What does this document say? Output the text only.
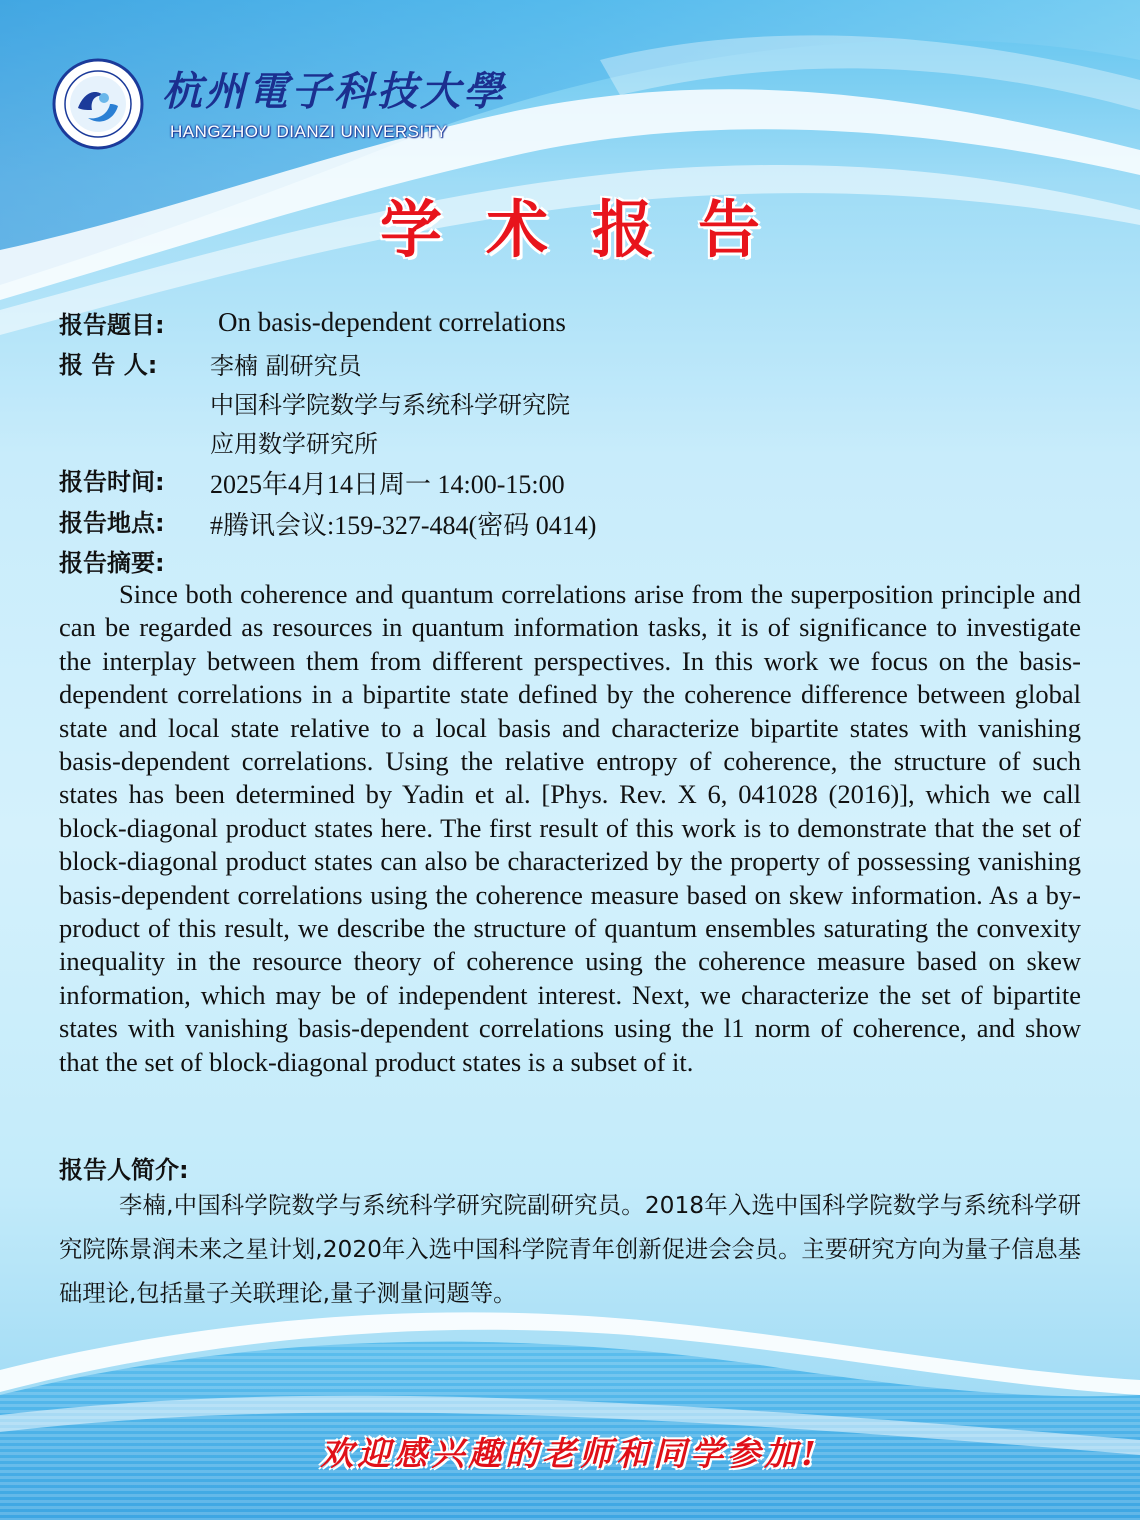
杭州電子科技大學
HANGZHOU DIANZI UNIVERSITY
学术报告
报告题目: On basis-dependent correlations
报 告 人: 李楠 副研究员
中国科学院数学与系统科学研究院
应用数学研究所
报告时间: 2025年4月14日周一 14:00-15:00
报告地点: #腾讯会议:159-327-484(密码 0414)
报告摘要:

Since both coherence and quantum correlations arise from the superposition principle and can be regarded as resources in quantum information tasks, it is of significance to investigate the interplay between them from different perspectives. In this work we focus on the basis-dependent correlations in a bipartite state defined by the coherence difference between global state and local state relative to a local basis and characterize bipartite states with vanishing basis-dependent correlations. Using the relative entropy of coherence, the structure of such states has been determined by Yadin et al. [Phys. Rev. X 6, 041028 (2016)], which we call block-diagonal product states here. The first result of this work is to demonstrate that the set of block-diagonal product states can also be characterized by the property of possessing vanishing basis-dependent correlations using the coherence measure based on skew information. As a by-product of this result, we describe the structure of quantum ensembles saturating the convexity inequality in the resource theory of coherence using the coherence measure based on skew information, which may be of independent interest. Next, we characterize the set of bipartite states with vanishing basis-dependent correlations using the l1 norm of coherence, and show that the set of block-diagonal product states is a subset of it.

报告人简介:

李楠,中国科学院数学与系统科学研究院副研究员。2018年入选中国科学院数学与系统科学研究院陈景润未来之星计划,2020年入选中国科学院青年创新促进会会员。主要研究方向为量子信息基础理论,包括量子关联理论,量子测量问题等。

欢迎感兴趣的老师和同学参加!
